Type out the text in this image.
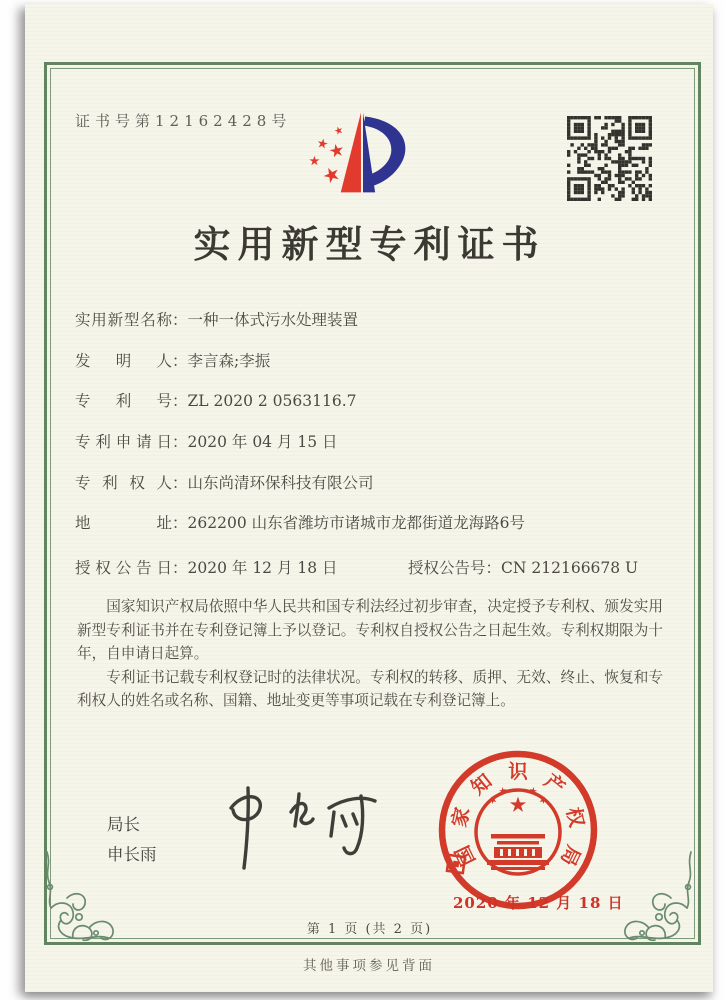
证书号第12162428号
实用新型专利证书
实用新型名称：一种一体式污水处理装置
发明人：李言森;李振
专利号：ZL 2020 2 0563116.7
专利申请日：2020 年 04 月 15 日
专利权人：山东尚清环保科技有限公司
地址：262200 山东省潍坊市诸城市龙都街道龙海路6号
授权公告日：2020 年 12 月 18 日	授权公告号：CN 212166678 U

国家知识产权局依照中华人民共和国专利法经过初步审查，决定授予专利权、颁发实用新型专利证书并在专利登记簿上予以登记。专利权自授权公告之日起生效。专利权期限为十年，自申请日起算。

专利证书记载专利权登记时的法律状况。专利权的转移、质押、无效、终止、恢复和专利权人的姓名或名称、国籍、地址变更等事项记载在专利登记簿上。

局长
申长雨	国
家
知 识 产
权
局
2020 年 12 月 18 日
第 1 页 (共 2 页)
其他事项参见背面
